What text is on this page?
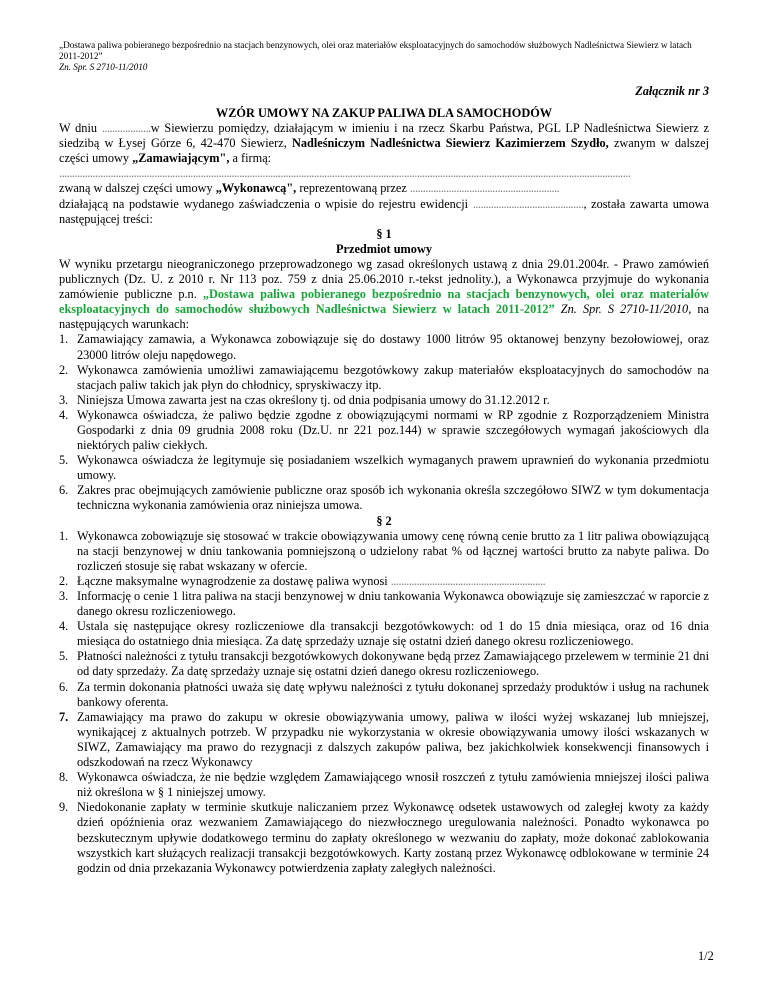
„Dostawa paliwa pobieranego bezpośrednio na stacjach benzynowych, olei oraz materiałów eksploatacyjnych do samochodów służbowych Nadleśnictwa Siewierz w latach 2011-2012”
Zn. Spr. S 2710-11/2010

Załącznik nr 3

WZÓR UMOWY NA ZAKUP PALIWA DLA SAMOCHODÓW

W dniu ...................w Siewierzu pomiędzy, działającym w imieniu i na rzecz Skarbu Państwa, PGL LP Nadleśnictwa Siewierz z siedzibą w Łysej Górze 6, 42-470 Siewierz, Nadleśniczym Nadleśnictwa Siewierz Kazimierzem Szydło, zwanym w dalszej części umowy „Zamawiającym", a firmą:

..............................................................................................................................................................................................................................

zwaną w dalszej części umowy „Wykonawcą", reprezentowaną przez ..........................................................

działającą na podstawie wydanego zaświadczenia o wpisie do rejestru ewidencji ..........................................., została zawarta umowa następującej treści:

§ 1

Przedmiot umowy

W wyniku przetargu nieograniczonego przeprowadzonego wg zasad określonych ustawą z dnia 29.01.2004r. - Prawo zamówień publicznych (Dz. U. z 2010 r. Nr 113 poz. 759 z dnia 25.06.2010 r.-tekst jednolity.), a Wykonawca przyjmuje do wykonania zamówienie publiczne p.n. „Dostawa paliwa pobieranego bezpośrednio na stacjach benzynowych, olei oraz materiałów eksploatacyjnych do samochodów służbowych Nadleśnictwa Siewierz w latach 2011-2012” Zn. Spr. S 2710-11/2010, na następujących warunkach:

1. Zamawiający zamawia, a Wykonawca zobowiązuje się do dostawy 1000 litrów 95 oktanowej benzyny bezołowiowej, oraz 23000 litrów oleju napędowego.
2. Wykonawca zamówienia umożliwi zamawiającemu bezgotówkowy zakup materiałów eksploatacyjnych do samochodów na stacjach paliw takich jak płyn do chłodnicy, spryskiwaczy itp.
3. Niniejsza Umowa zawarta jest na czas określony tj. od dnia podpisania umowy do 31.12.2012 r.
4. Wykonawca oświadcza, że paliwo będzie zgodne z obowiązującymi normami w RP zgodnie z Rozporządzeniem Ministra Gospodarki z dnia 09 grudnia 2008 roku (Dz.U. nr 221 poz.144) w sprawie szczegółowych wymagań jakościowych dla niektórych paliw ciekłych.
5. Wykonawca oświadcza że legitymuje się posiadaniem wszelkich wymaganych prawem uprawnień do wykonania przedmiotu umowy.
6. Zakres prac obejmujących zamówienie publiczne oraz sposób ich wykonania określa szczegółowo SIWZ w tym dokumentacja techniczna wykonania zamówienia oraz niniejsza umowa.

§ 2

1. Wykonawca zobowiązuje się stosować w trakcie obowiązywania umowy cenę równą cenie brutto za 1 litr paliwa obowiązującą na stacji benzynowej w dniu tankowania pomniejszoną o udzielony rabat % od łącznej wartości brutto za nabyte paliwa. Do rozliczeń stosuje się rabat wskazany w ofercie.
2. Łączne maksymalne wynagrodzenie za dostawę paliwa wynosi ............................................................
3. Informację o cenie 1 litra paliwa na stacji benzynowej w dniu tankowania Wykonawca obowiązuje się zamieszczać w raporcie z danego okresu rozliczeniowego.
4. Ustala się następujące okresy rozliczeniowe dla transakcji bezgotówkowych: od 1 do 15 dnia miesiąca, oraz od 16 dnia miesiąca do ostatniego dnia miesiąca. Za datę sprzedaży uznaje się ostatni dzień danego okresu rozliczeniowego.
5. Płatności należności z tytułu transakcji bezgotówkowych dokonywane będą przez Zamawiającego przelewem w terminie 21 dni od daty sprzedaży. Za datę sprzedaży uznaje się ostatni dzień danego okresu rozliczeniowego.
6. Za termin dokonania płatności uważa się datę wpływu należności z tytułu dokonanej sprzedaży produktów i usług na rachunek bankowy oferenta.
7. Zamawiający ma prawo do zakupu w okresie obowiązywania umowy, paliwa w ilości wyżej wskazanej lub mniejszej, wynikającej z aktualnych potrzeb. W przypadku nie wykorzystania w okresie obowiązywania umowy ilości wskazanych w SIWZ, Zamawiający ma prawo do rezygnacji z dalszych zakupów paliwa, bez jakichkolwiek konsekwencji finansowych i odszkodowań na rzecz Wykonawcy
8. Wykonawca oświadcza, że nie będzie względem Zamawiającego wnosił roszczeń z tytułu zamówienia mniejszej ilości paliwa niż określona w § 1 niniejszej umowy.
9. Niedokonanie zapłaty w terminie skutkuje naliczaniem przez Wykonawcę odsetek ustawowych od zaległej kwoty za każdy dzień opóźnienia oraz wezwaniem Zamawiającego do niezwłocznego uregulowania należności. Ponadto wykonawca po bezskutecznym upływie dodatkowego terminu do zapłaty określonego w wezwaniu do zapłaty, może dokonać zablokowania wszystkich kart służących realizacji transakcji bezgotówkowych. Karty zostaną przez Wykonawcę odblokowane w terminie 24 godzin od dnia przekazania Wykonawcy potwierdzenia zapłaty zaległych należności.
1/2
